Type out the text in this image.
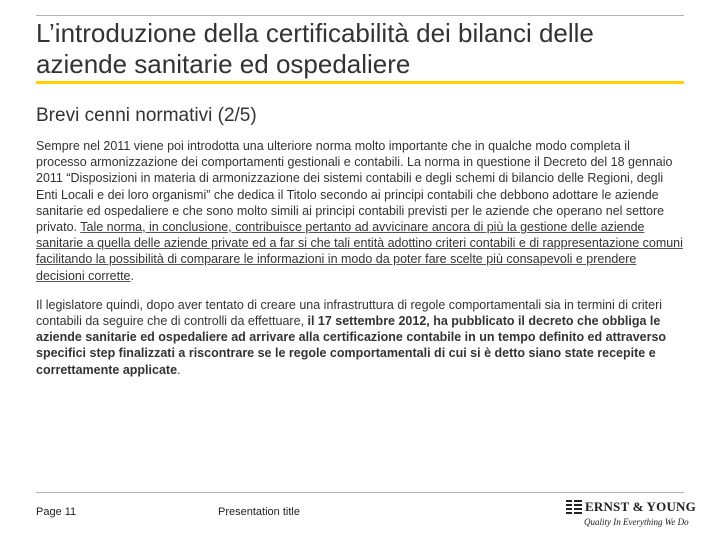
L’introduzione della certificabilità dei bilanci delle aziende sanitarie ed ospedaliere
Brevi cenni normativi (2/5)

Sempre nel 2011 viene poi introdotta una ulteriore norma molto importante che in qualche modo completa il processo armonizzazione dei comportamenti gestionali e contabili. La norma in questione il Decreto del 18 gennaio 2011 “Disposizioni in materia di armonizzazione dei sistemi contabili e degli schemi di bilancio delle Regioni, degli Enti Locali e dei loro organismi” che dedica il Titolo secondo ai principi contabili che debbono adottare le aziende sanitarie ed ospedaliere e che sono molto simili ai principi contabili previsti per le aziende che operano nel settore privato. Tale norma, in conclusione, contribuisce pertanto ad avvicinare ancora di più la gestione delle aziende sanitarie a quella delle aziende private ed a far si che tali entità adottino criteri contabili e di rappresentazione comuni facilitando la possibilità di comparare le informazioni in modo da poter fare scelte più consapevoli e prendere decisioni corrette.

Il legislatore quindi, dopo aver tentato di creare una infrastruttura di regole comportamentali sia in termini di criteri contabili da seguire che di controlli da effettuare, il 17 settembre 2012, ha pubblicato il decreto che obbliga le aziende sanitarie ed ospedaliere ad arrivare alla certificazione contabile in un tempo definito ed attraverso specifici step finalizzati a riscontrare se le regole comportamentali di cui si è detto siano state recepite e correttamente applicate.

Page 11	Presentation title	ERNST & YOUNG
Quality In Everything We Do
